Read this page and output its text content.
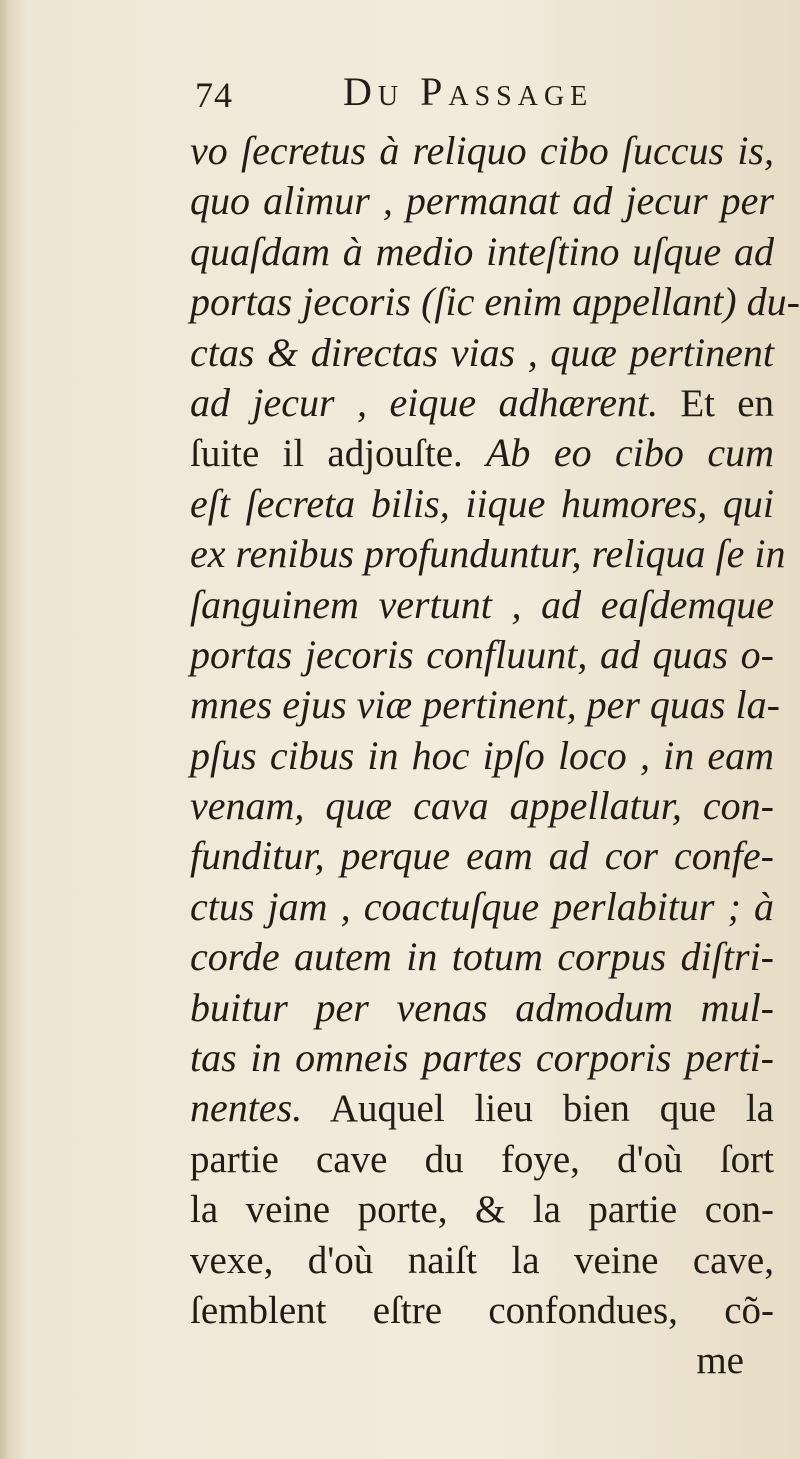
74	Du Passage
vo ſecretus à reliquo cibo ſuccus is,
quo alimur , permanat ad jecur per
quaſdam à medio inteſtino uſque ad
portas jecoris (ſic enim appellant) du-
ctas & directas vias , quæ pertinent
ad jecur , eique adhærent. Et en
ſuite il adjouſte. Ab eo cibo cum
eſt ſecreta bilis, iique humores, qui
ex renibus profunduntur, reliqua ſe in
ſanguinem vertunt , ad eaſdemque
portas jecoris confluunt, ad quas o-
mnes ejus viæ pertinent, per quas la-
pſus cibus in hoc ipſo loco , in eam
venam, quæ cava appellatur, con-
funditur, perque eam ad cor confe-
ctus jam , coactuſque perlabitur ; à
corde autem in totum corpus diſtri-
buitur per venas admodum mul-
tas in omneis partes corporis perti-
nentes. Auquel lieu bien que la
partie cave du foye, d'où ſort
la veine porte, & la partie con-
vexe, d'où naiſt la veine cave,
ſemblent eſtre confondues, cõ-
me
